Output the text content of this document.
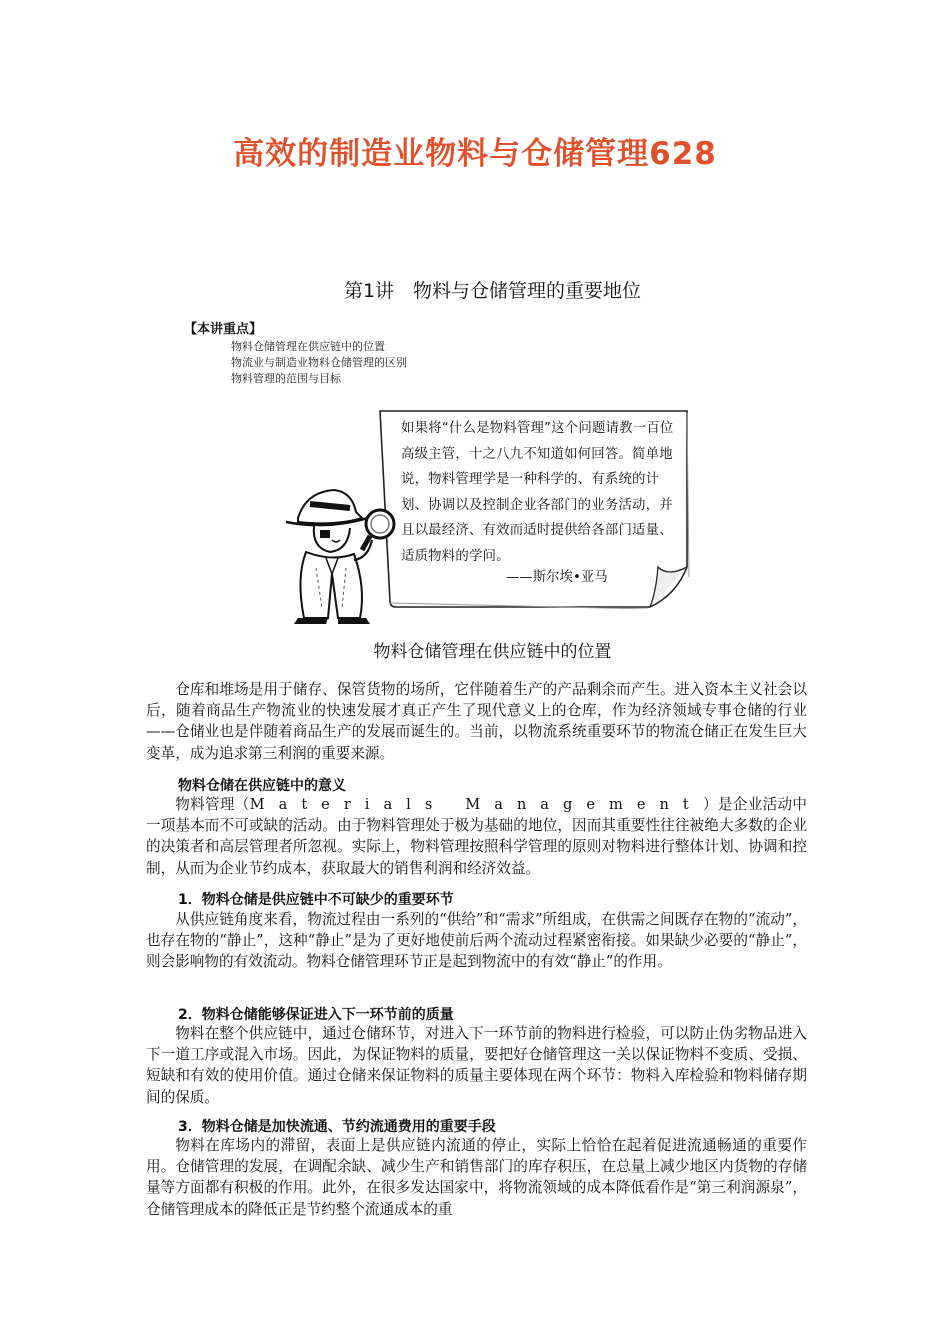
高效的制造业物料与仓储管理628
第1讲　物料与仓储管理的重要地位
【本讲重点】
物料仓储管理在供应链中的位置
物流业与制造业物料仓储管理的区别
物料管理的范围与目标
如果将“什么是物料管理”这个问题请教一百位高级主管，十之八九不知道如何回答。简单地说，物料管理学是一种科学的、有系统的计划、协调以及控制企业各部门的业务活动，并且以最经济、有效而适时提供给各部门适量、适质物料的学问。
——斯尔埃•亚马
物料仓储管理在供应链中的位置

仓库和堆场是用于储存、保管货物的场所，它伴随着生产的产品剩余而产生。进入资本主义社会以后，随着商品生产物流业的快速发展才真正产生了现代意义上的仓库，作为经济领域专事仓储的行业——仓储业也是伴随着商品生产的发展而诞生的。当前，以物流系统重要环节的物流仓储正在发生巨大变革，成为追求第三利润的重要来源。

物料仓储在供应链中的意义

物料管理（Materials Management）是企业活动中一项基本而不可或缺的活动。由于物料管理处于极为基础的地位，因而其重要性往往被绝大多数的企业的决策者和高层管理者所忽视。实际上，物料管理按照科学管理的原则对物料进行整体计划、协调和控制，从而为企业节约成本，获取最大的销售利润和经济效益。

1．物料仓储是供应链中不可缺少的重要环节

从供应链角度来看，物流过程由一系列的“供给”和“需求”所组成，在供需之间既存在物的“流动”，也存在物的“静止”，这种“静止”是为了更好地使前后两个流动过程紧密衔接。如果缺少必要的“静止”，则会影响物的有效流动。物料仓储管理环节正是起到物流中的有效“静止”的作用。

2．物料仓储能够保证进入下一环节前的质量

物料在整个供应链中，通过仓储环节，对进入下一环节前的物料进行检验，可以防止伪劣物品进入下一道工序或混入市场。因此，为保证物料的质量，要把好仓储管理这一关以保证物料不变质、受损、短缺和有效的使用价值。通过仓储来保证物料的质量主要体现在两个环节：物料入库检验和物料储存期间的保质。

3．物料仓储是加快流通、节约流通费用的重要手段

物料在库场内的滞留，表面上是供应链内流通的停止，实际上恰恰在起着促进流通畅通的重要作用。仓储管理的发展，在调配余缺、减少生产和销售部门的库存积压，在总量上减少地区内货物的存储量等方面都有积极的作用。此外，在很多发达国家中，将物流领域的成本降低看作是“第三利润源泉”，仓储管理成本的降低正是节约整个流通成本的重
